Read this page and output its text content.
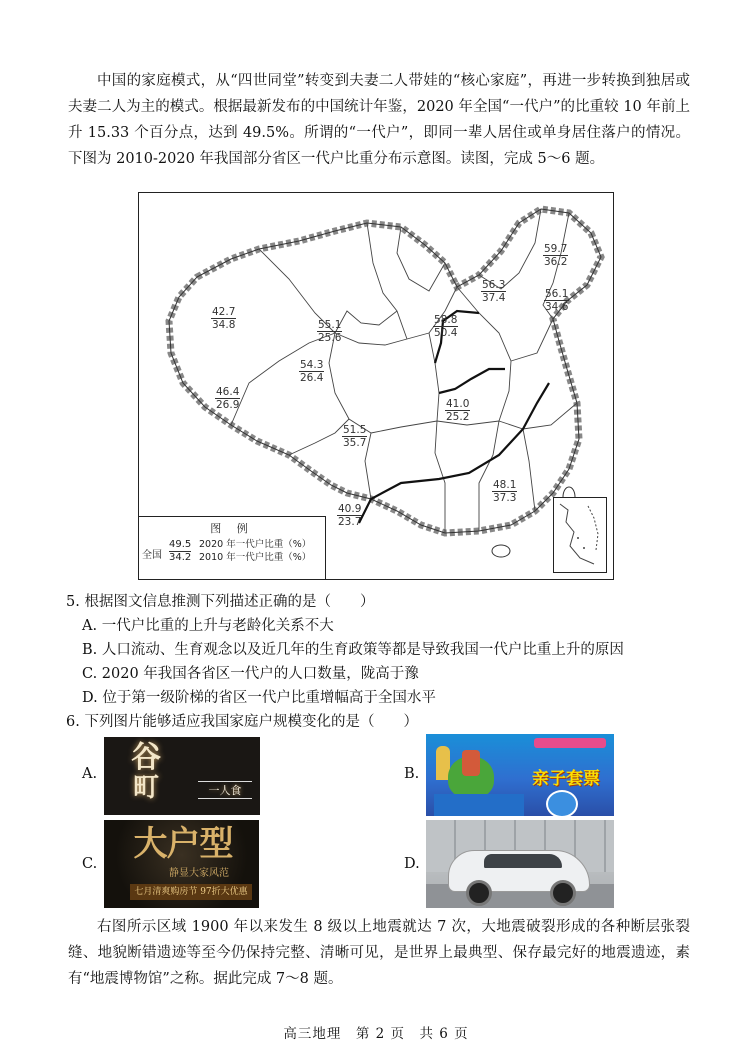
中国的家庭模式，从“四世同堂”转变到夫妻二人带娃的“核心家庭”，再进一步转换到独居或夫妻二人为主的模式。根据最新发布的中国统计年鉴，2020 年全国“一代户”的比重较 10 年前上升 15.33 个百分点，达到 49.5%。所谓的“一代户”，即同一辈人居住或单身居住落户的情况。下图为 2010-2020 年我国部分省区一代户比重分布示意图。读图，完成 5～6 题。
59.7
36.2
56.3
37.4	56.1
34.6
42.7
34.8	55.1
25.6
58.8
50.4
54.3
26.4
46.4
26.9	41.0
25.2
51.5
35.7
48.1
37.3
40.9
23.7
图 例
全国 $\frac{49.5}{34.2} 2020$ 年一代户比重（%）
2010 年一代户比重（%）
5. 根据图文信息推测下列描述正确的是（　　）
A. 一代户比重的上升与老龄化关系不大
B. 人口流动、生育观念以及近几年的生育政策等都是导致我国一代户比重上升的原因
C. 2020 年我国各省区一代户的人口数量，陇高于豫
D. 位于第一级阶梯的省区一代户比重增幅高于全国水平
6. 下列图片能够适应我国家庭户规模变化的是（　　）
A.	谷
町	一人食
B.	亲子套票
C.	大户型
静显大家风范
七月清爽购房节 97折大优惠
D.
右图所示区域 1900 年以来发生 8 级以上地震就达 7 次，大地震破裂形成的各种断层张裂缝、地貌断错遗迹等至今仍保持完整、清晰可见，是世界上最典型、保存最完好的地震遗迹，素有“地震博物馆”之称。据此完成 7～8 题。
高三地理　第 2 页　共 6 页
